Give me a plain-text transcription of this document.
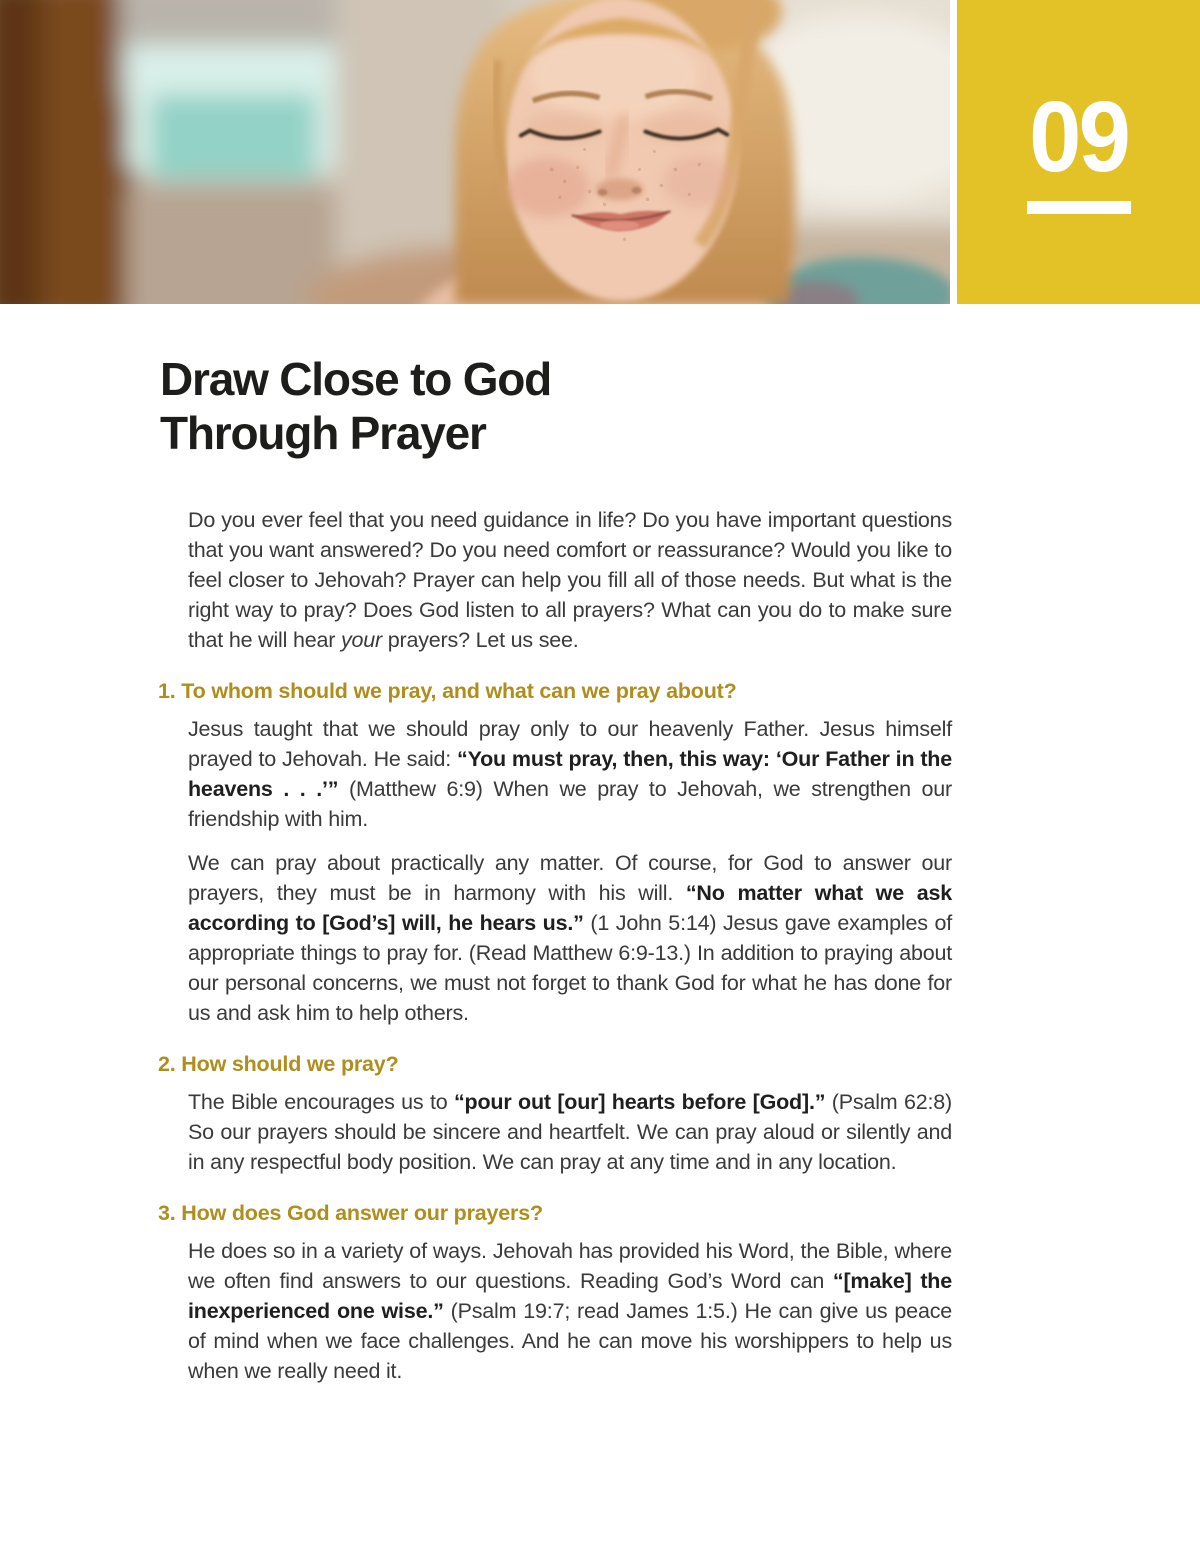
09
Draw Close to God
Through Prayer

Do you ever feel that you need guidance in life? Do you have important questions that you want answered? Do you need comfort or reassurance? Would you like to feel closer to Jehovah? Prayer can help you fill all of those needs. But what is the right way to pray? Does God listen to all prayers? What can you do to make sure that he will hear your prayers? Let us see.

1. To whom should we pray, and what can we pray about?

Jesus taught that we should pray only to our heavenly Father. Jesus himself prayed to Jehovah. He said: “You must pray, then, this way: ‘Our Father in the heavens . . .’” (Matthew 6:9) When we pray to Jehovah, we strengthen our friendship with him.

We can pray about practically any matter. Of course, for God to answer our prayers, they must be in harmony with his will. “No matter what we ask according to [God’s] will, he hears us.” (1 John 5:14) Jesus gave examples of appropriate things to pray for. (Read Matthew 6:9-13.) In addition to praying about our personal concerns, we must not forget to thank God for what he has done for us and ask him to help others.

2. How should we pray?

The Bible encourages us to “pour out [our] hearts before [God].” (Psalm 62:8) So our prayers should be sincere and heartfelt. We can pray aloud or silently and in any respectful body position. We can pray at any time and in any location.

3. How does God answer our prayers?

He does so in a variety of ways. Jehovah has provided his Word, the Bible, where we often find answers to our questions. Reading God’s Word can “[make] the inexperienced one wise.” (Psalm 19:7; read James 1:5.) He can give us peace of mind when we face challenges. And he can move his worshippers to help us when we really need it.
